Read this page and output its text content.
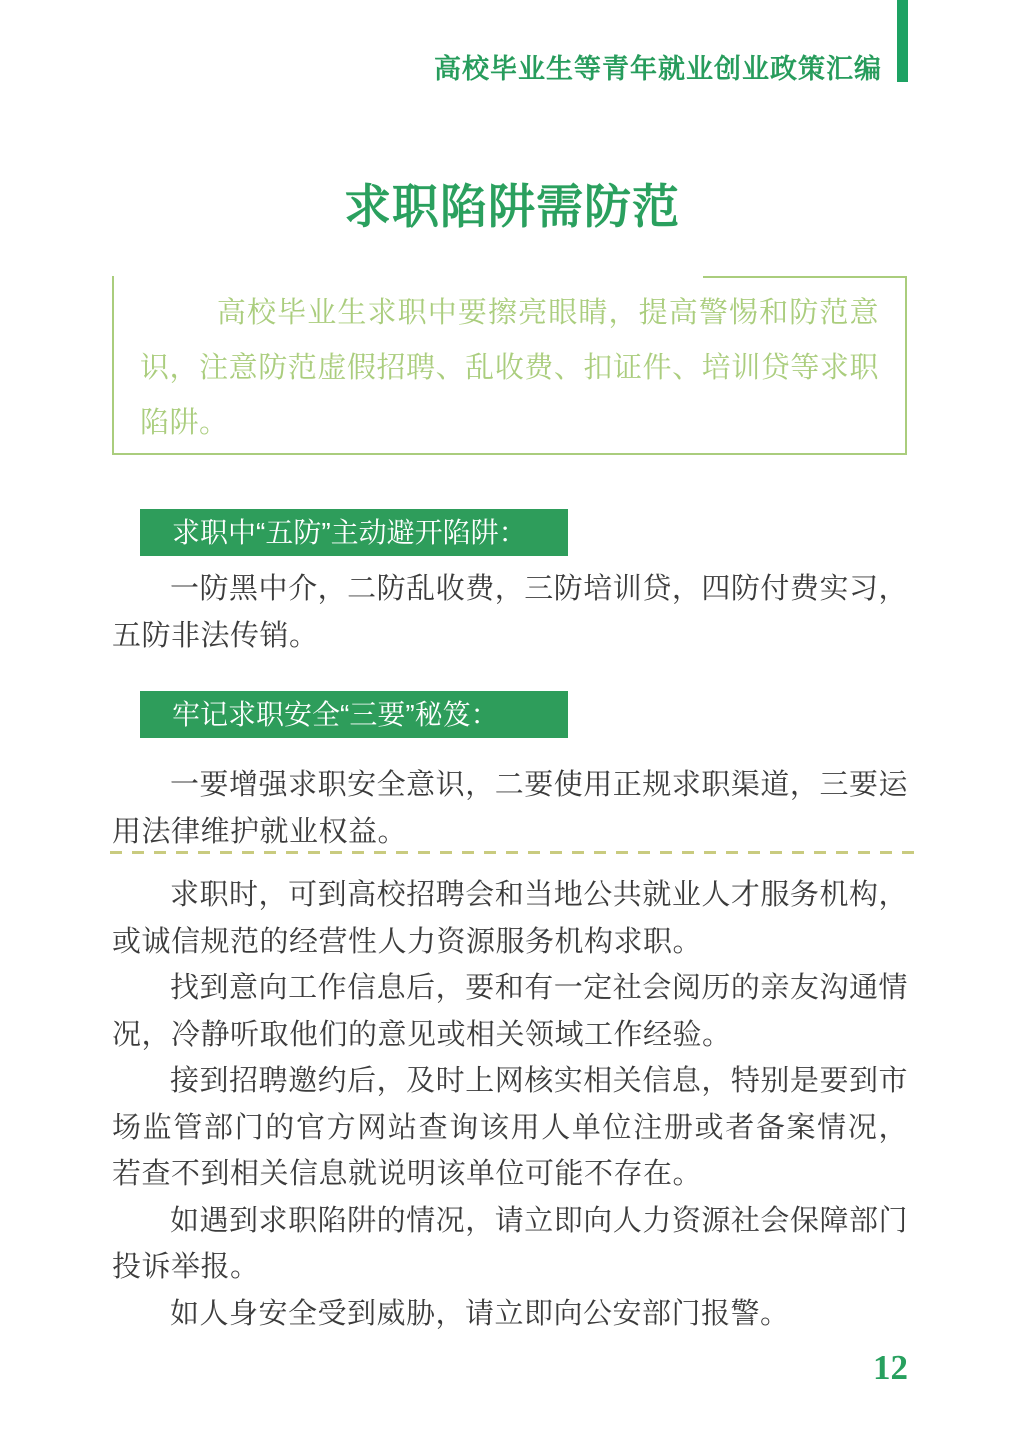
高校毕业生等青年就业创业政策汇编
求职陷阱需防范

高校毕业生求职中要擦亮眼睛，提高警惕和防范意识，注意防范虚假招聘、乱收费、扣证件、培训贷等求职陷阱。

求职中“五防”主动避开陷阱：

一防黑中介，二防乱收费，三防培训贷，四防付费实习，五防非法传销。

牢记求职安全“三要”秘笈：

一要增强求职安全意识，二要使用正规求职渠道，三要运用法律维护就业权益。

求职时，可到高校招聘会和当地公共就业人才服务机构，或诚信规范的经营性人力资源服务机构求职。

找到意向工作信息后，要和有一定社会阅历的亲友沟通情况，冷静听取他们的意见或相关领域工作经验。

接到招聘邀约后，及时上网核实相关信息，特别是要到市场监管部门的官方网站查询该用人单位注册或者备案情况，若查不到相关信息就说明该单位可能不存在。

如遇到求职陷阱的情况，请立即向人力资源社会保障部门投诉举报。

如人身安全受到威胁，请立即向公安部门报警。

12
